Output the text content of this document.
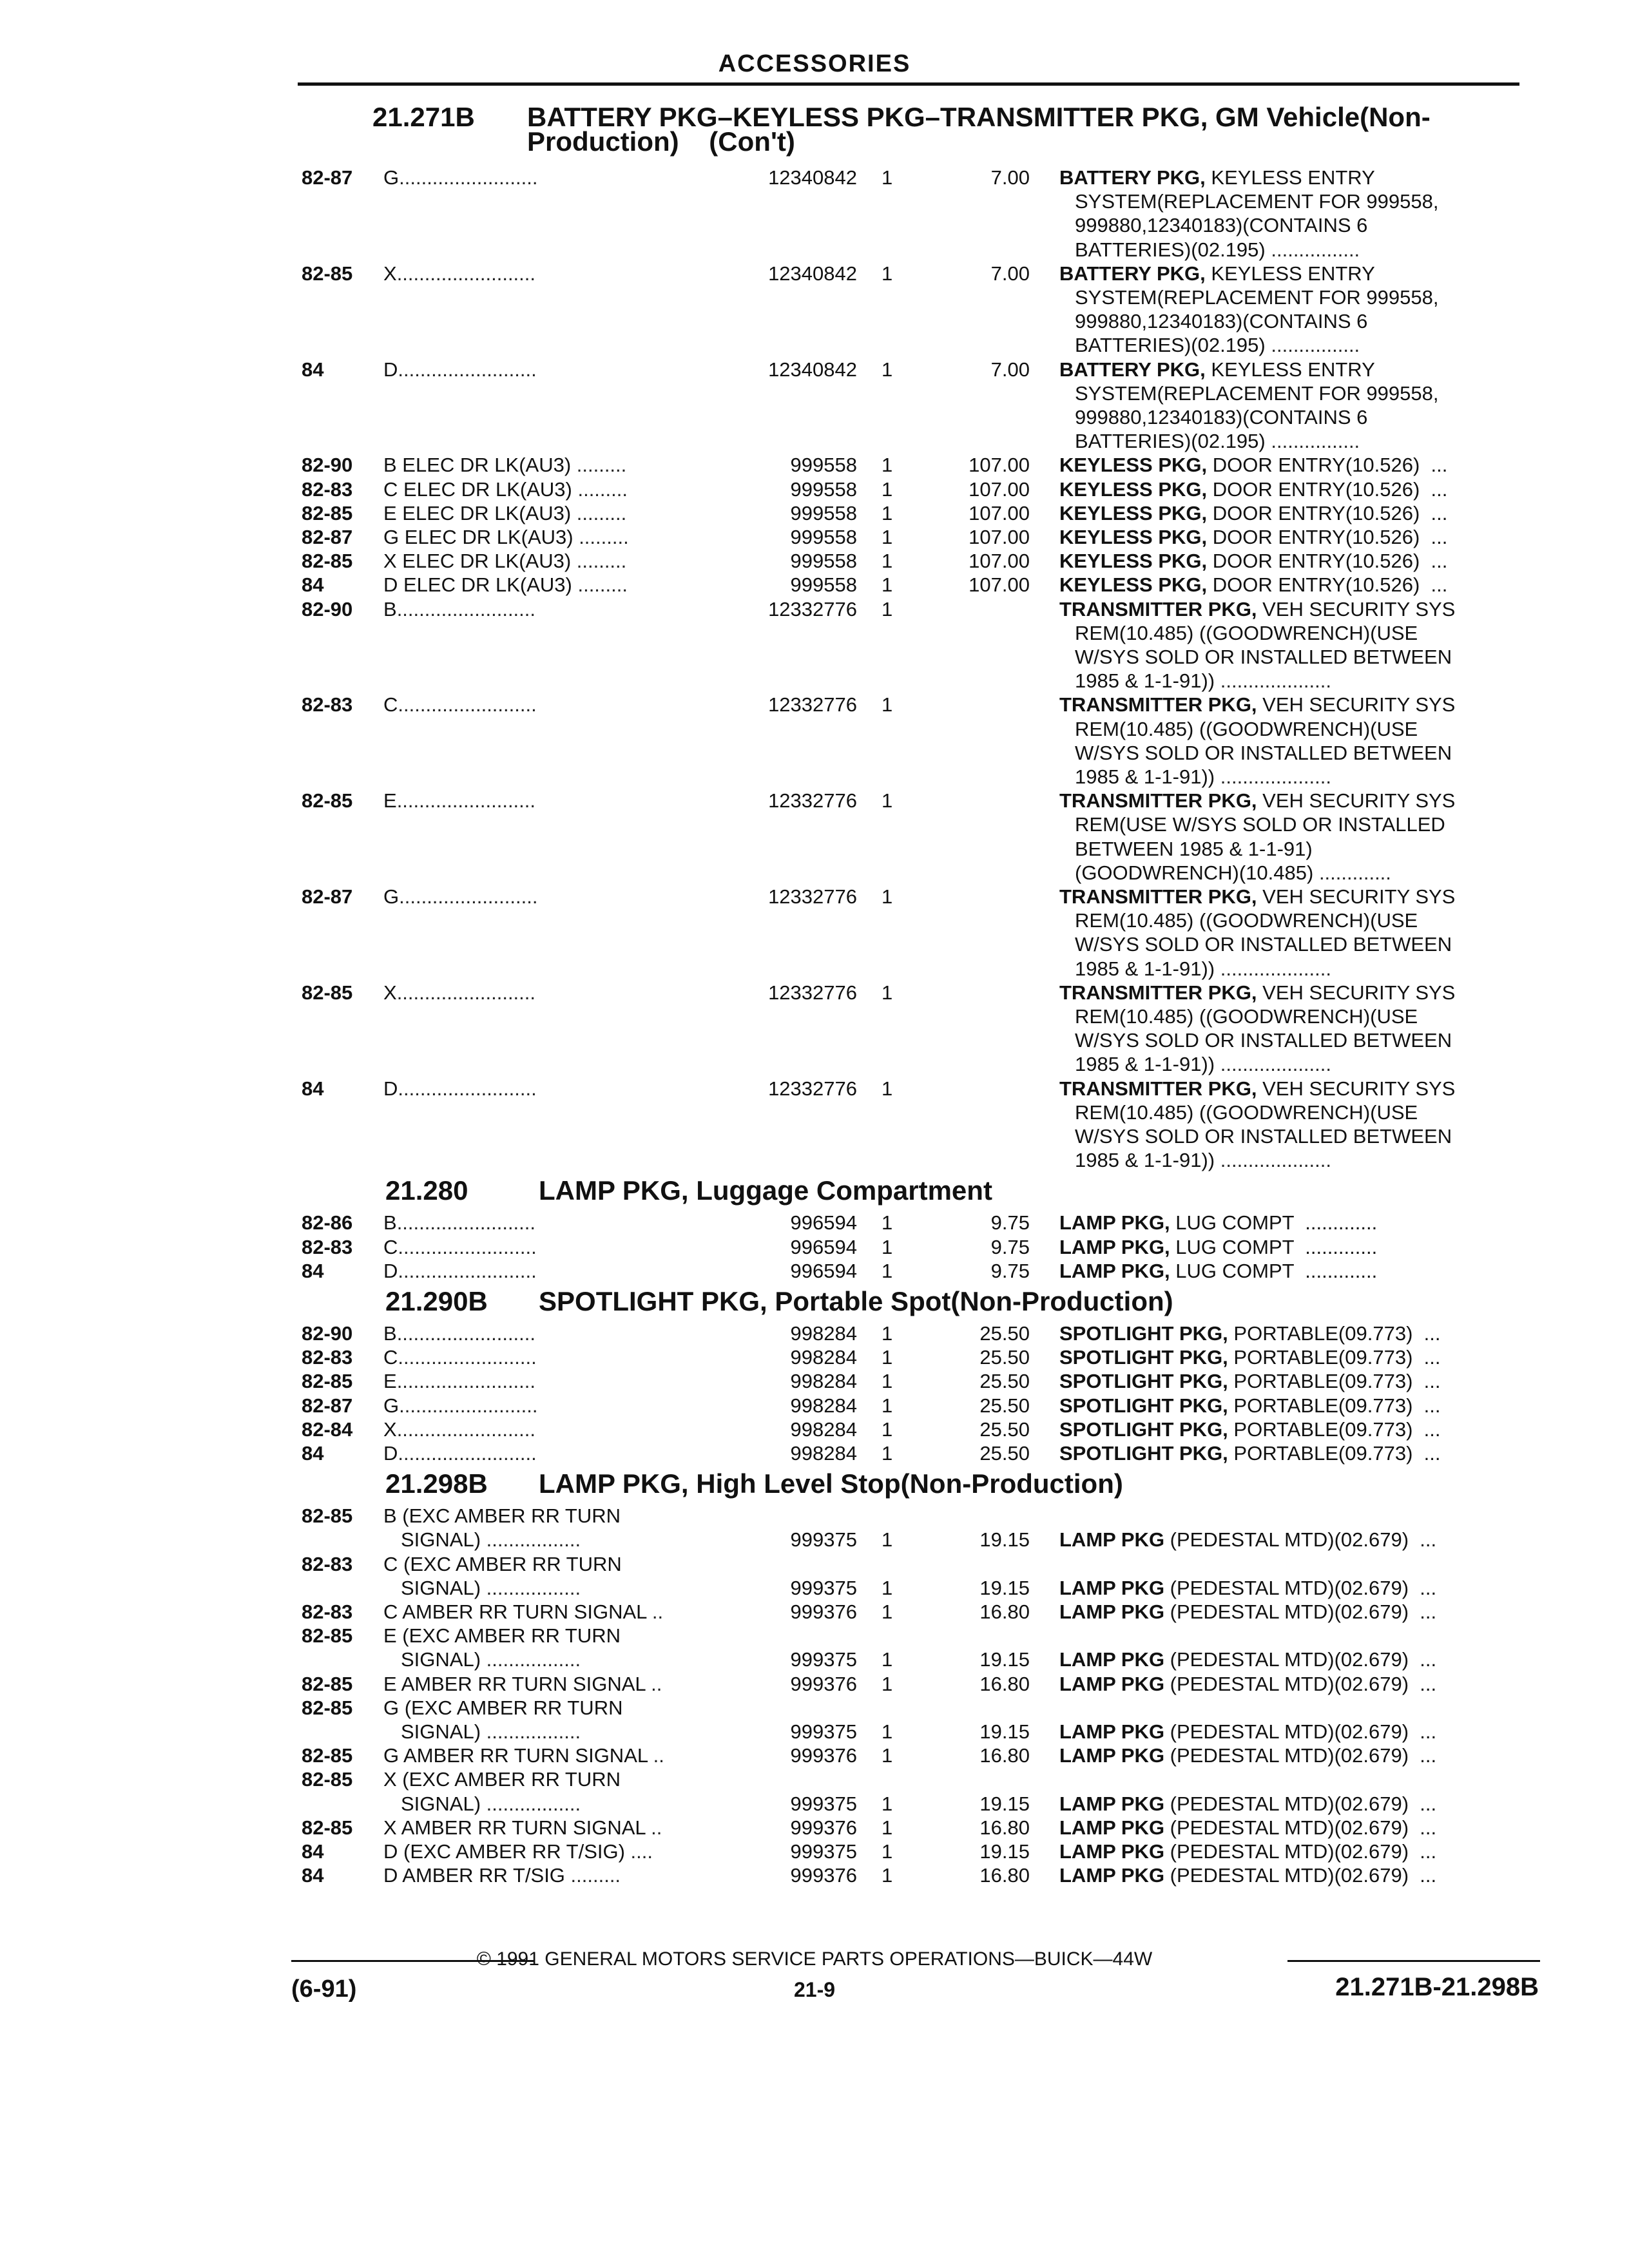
ACCESSORIES
21.271B BATTERY PKG–KEYLESS PKG–TRANSMITTER PKG, GM Vehicle(Non-
Production)    (Con't)
82-87 G.........................	12340842 1	7.00 BATTERY PKG, KEYLESS ENTRY
SYSTEM(REPLACEMENT FOR 999558,
999880,12340183)(CONTAINS 6
BATTERIES)(02.195) ................
82-85 X.........................	12340842 1	7.00 BATTERY PKG, KEYLESS ENTRY
SYSTEM(REPLACEMENT FOR 999558,
999880,12340183)(CONTAINS 6
BATTERIES)(02.195) ................
84	D.........................	12340842 1	7.00 BATTERY PKG, KEYLESS ENTRY
SYSTEM(REPLACEMENT FOR 999558,
999880,12340183)(CONTAINS 6
BATTERIES)(02.195) ................
82-90 B ELEC DR LK(AU3) .........	999558 1	107.00 KEYLESS PKG, DOOR ENTRY(10.526)  ...
82-83 C ELEC DR LK(AU3) .........	999558 1	107.00 KEYLESS PKG, DOOR ENTRY(10.526)  ...
82-85 E ELEC DR LK(AU3) .........	999558 1	107.00 KEYLESS PKG, DOOR ENTRY(10.526)  ...
82-87 G ELEC DR LK(AU3) .........	999558 1	107.00 KEYLESS PKG, DOOR ENTRY(10.526)  ...
82-85 X ELEC DR LK(AU3) .........	999558 1	107.00 KEYLESS PKG, DOOR ENTRY(10.526)  ...
84	D ELEC DR LK(AU3) .........	999558 1	107.00 KEYLESS PKG, DOOR ENTRY(10.526)  ...
82-90 B.........................	12332776 1	TRANSMITTER PKG, VEH SECURITY SYS
REM(10.485) ((GOODWRENCH)(USE
W/SYS SOLD OR INSTALLED BETWEEN
1985 & 1-1-91)) ....................
82-83 C.........................	12332776 1	TRANSMITTER PKG, VEH SECURITY SYS
REM(10.485) ((GOODWRENCH)(USE
W/SYS SOLD OR INSTALLED BETWEEN
1985 & 1-1-91)) ....................
82-85 E.........................	12332776 1	TRANSMITTER PKG, VEH SECURITY SYS
REM(USE W/SYS SOLD OR INSTALLED
BETWEEN 1985 & 1-1-91)
(GOODWRENCH)(10.485) .............
82-87 G.........................	12332776 1	TRANSMITTER PKG, VEH SECURITY SYS
REM(10.485) ((GOODWRENCH)(USE
W/SYS SOLD OR INSTALLED BETWEEN
1985 & 1-1-91)) ....................
82-85 X.........................	12332776 1	TRANSMITTER PKG, VEH SECURITY SYS
REM(10.485) ((GOODWRENCH)(USE
W/SYS SOLD OR INSTALLED BETWEEN
1985 & 1-1-91)) ....................
84	D.........................	12332776 1	TRANSMITTER PKG, VEH SECURITY SYS
REM(10.485) ((GOODWRENCH)(USE
W/SYS SOLD OR INSTALLED BETWEEN
1985 & 1-1-91)) ....................
21.280	LAMP PKG, Luggage Compartment
82-86 B.........................	996594 1	9.75 LAMP PKG, LUG COMPT  .............
82-83 C.........................	996594 1	9.75 LAMP PKG, LUG COMPT  .............
84	D.........................	996594 1	9.75 LAMP PKG, LUG COMPT  .............
21.290B SPOTLIGHT PKG, Portable Spot(Non-Production)
82-90 B.........................	998284 1	25.50 SPOTLIGHT PKG, PORTABLE(09.773)  ...
82-83 C.........................	998284 1	25.50 SPOTLIGHT PKG, PORTABLE(09.773)  ...
82-85 E.........................	998284 1	25.50 SPOTLIGHT PKG, PORTABLE(09.773)  ...
82-87 G.........................	998284 1	25.50 SPOTLIGHT PKG, PORTABLE(09.773)  ...
82-84 X.........................	998284 1	25.50 SPOTLIGHT PKG, PORTABLE(09.773)  ...
84	D.........................	998284 1	25.50 SPOTLIGHT PKG, PORTABLE(09.773)  ...
21.298B LAMP PKG, High Level Stop(Non-Production)
82-85 B (EXC AMBER RR TURN
SIGNAL) .................	999375 1	19.15 LAMP PKG (PEDESTAL MTD)(02.679)  ...
82-83 C (EXC AMBER RR TURN
SIGNAL) .................	999375 1	19.15 LAMP PKG (PEDESTAL MTD)(02.679)  ...
82-83 C AMBER RR TURN SIGNAL ..	999376 1	16.80 LAMP PKG (PEDESTAL MTD)(02.679)  ...
82-85 E (EXC AMBER RR TURN
SIGNAL) .................	999375 1	19.15 LAMP PKG (PEDESTAL MTD)(02.679)  ...
82-85 E AMBER RR TURN SIGNAL ..	999376 1	16.80 LAMP PKG (PEDESTAL MTD)(02.679)  ...
82-85 G (EXC AMBER RR TURN
SIGNAL) .................	999375 1	19.15 LAMP PKG (PEDESTAL MTD)(02.679)  ...
82-85 G AMBER RR TURN SIGNAL ..	999376 1	16.80 LAMP PKG (PEDESTAL MTD)(02.679)  ...
82-85 X (EXC AMBER RR TURN
SIGNAL) .................	999375 1	19.15 LAMP PKG (PEDESTAL MTD)(02.679)  ...
82-85 X AMBER RR TURN SIGNAL ..	999376 1	16.80 LAMP PKG (PEDESTAL MTD)(02.679)  ...
84	D (EXC AMBER RR T/SIG) ....	999375 1	19.15 LAMP PKG (PEDESTAL MTD)(02.679)  ...
84	D AMBER RR T/SIG .........	999376 1	16.80 LAMP PKG (PEDESTAL MTD)(02.679)  ...
© 1991 GENERAL MOTORS SERVICE PARTS OPERATIONS—BUICK—44W
(6-91)	21-9	21.271B-21.298B
